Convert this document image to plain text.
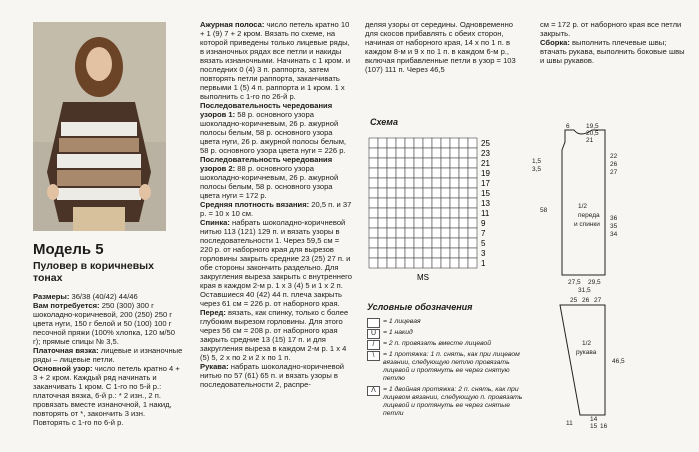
Модель 5
Пуловер в коричневых тонах

Размеры: 36/38 (40/42) 44/46

Вам потребуется: 250 (300) 300 г шоколадно-коричневой, 200 (250) 250 г цвета нуги, 150 г белой и 50 (100) 100 г песочной пряжи (100% хлопка, 120 м/50 г); прямые спицы № 3,5.

Платочная вязка: лицевые и изнаночные ряды – лицевые петли.

Основной узор: число петель кратно 4 + 3 + 2 кром. Каждый ряд начинать и заканчивать 1 кром. С 1-го по 5-й р.: платочная вязка, 6-й р.: * 2 изн., 2 п. провязать вместе изнаночной, 1 накид, повторять от *, закончить 3 изн. Повторять с 1-го по 6-й р.

Ажурная полоса: число петель кратно 10 + 1 (9) 7 + 2 кром. Вязать по схеме, на которой приведены только лицевые ряды, в изнаночных рядах все петли и накиды вязать изнаночными. Начинать с 1 кром. и последних 0 (4) 3 п. раппорта, затем повторять петли раппорта, заканчивать первыми 1 (5) 4 п. раппорта и 1 кром. 1 х выполнить с 1-го по 26-й р.

Последовательность чередования узоров 1: 58 р. основного узора шоколадно-коричневым, 26 р. ажурной полосы белым, 58 р. основного узора цвета нуги, 26 р. ажурной полосы белым, 58 р. основного узора цвета нуги = 226 р.

Последовательность чередования узоров 2: 88 р. основного узора шоколадно-коричневым, 26 р. ажурной полосы белым, 58 р. основного узора цвета нуги = 172 р.

Средняя плотность вязания: 20,5 п. и 37 р. = 10 х 10 см.

Спинка: набрать шоколадно-коричневой нитью 113 (121) 129 п. и вязать узоры в последовательности 1. Через 59,5 см = 220 р. от наборного края для вырезов горловины закрыть средние 23 (25) 27 п. и обе стороны закончить раздельно. Для закругления выреза закрыть с внутреннего края в каждом 2-м р. 1 х 3 (4) 5 и 1 х 2 п. Оставшиеся 40 (42) 44 п. плеча закрыть через 61 см = 226 р. от наборного края.

Перед: вязать, как спинку, только с более глубоким вырезом горловины. Для этого через 56 см = 208 р. от наборного края закрыть средние 13 (15) 17 п. и для закругления выреза в каждом 2-м р. 1 х 4 (5) 5, 2 х по 2 и 2 х по 1 п.

Рукава: набрать шоколадно-коричневой нитью по 57 (61) 65 п. и вязать узоры в последовательности 2, распре-

деляя узоры от середины. Одновременно для скосов прибавлять с обеих сторон, начиная от наборного края, 14 х по 1 п. в каждом 8-м и 9 х по 1 п. в каждом 6-м р., включая прибавленные петли в узор = 103 (107) 111 п. Через 46,5

см = 172 р. от наборного края все петли закрыть.

Сборка: выполнить плечевые швы; втачать рукава, выполнить боковые швы и швы рукавов.

Схема
25
23
21
19
17
15
13
11
9
7
5
3
1
MS
Условные обозначения
= 1 лицевая
U	= 1 накид
/	= 2 п. провязать вместе лицевой
\	= 1 протяжка: 1 п. снять, как при лицевом вязании, следующую петлю провязать лицевой и протянуть ее через снятую петлю
Λ	= 1 двойная протяжка: 2 п. снять, как при лицевом вязании, следующую п. провязать лицевой и протянуть ее через снятые петли
1/2
переда
и спинки
6	19,5
20,5
21
1,5
3,5
22
26
27
58
36
35
34
27,5 29,5
31,5
1/2
рукава
25 26 27
46,5
11
14
15 16
